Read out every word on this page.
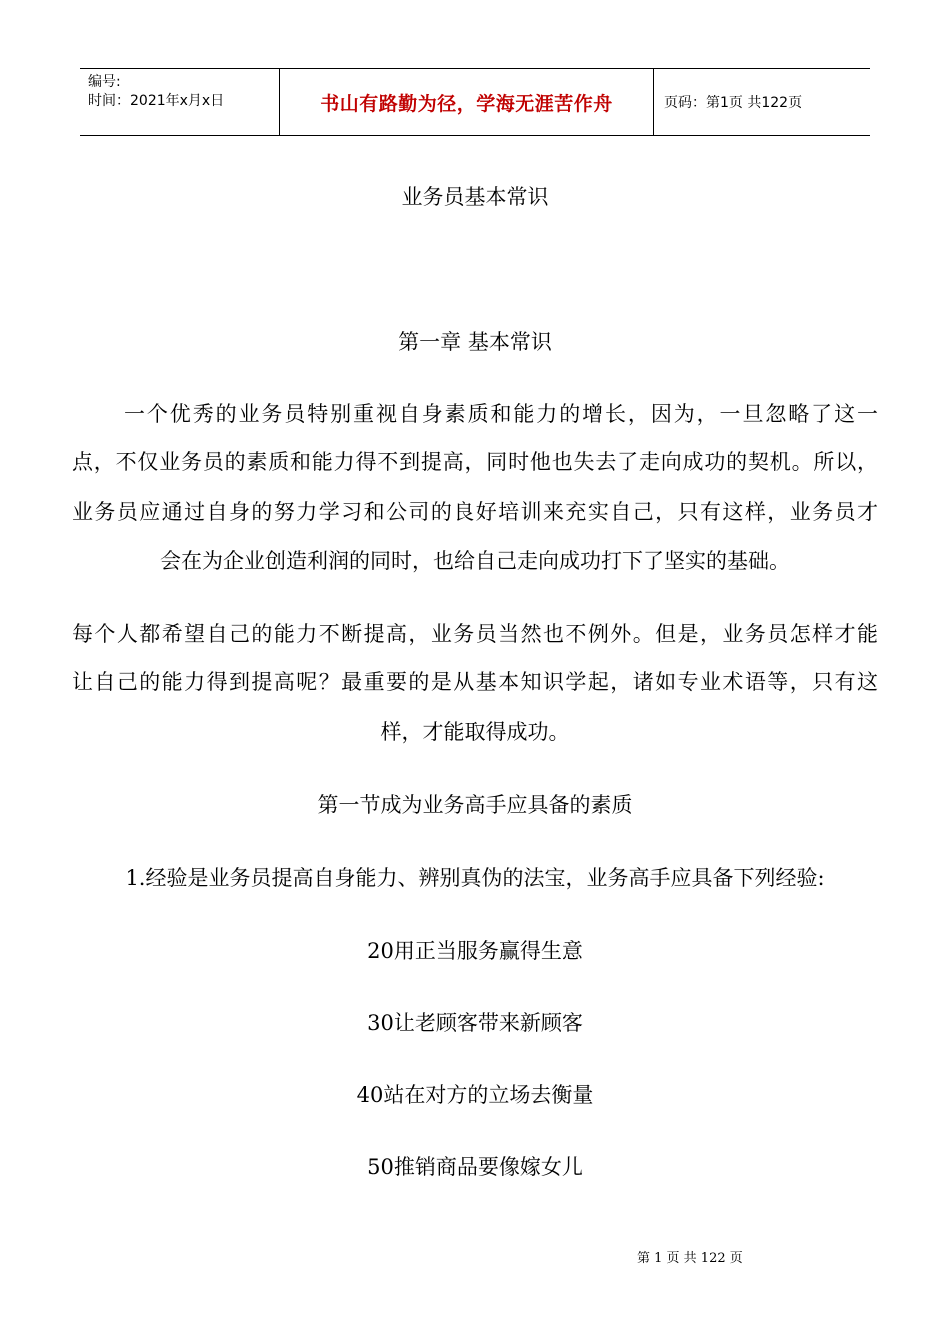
编号:
时间：2021年x月x日	书山有路勤为径，学海无涯苦作舟	页码：第1页 共122页
业务员基本常识
第一章 基本常识
一个优秀的业务员特别重视自身素质和能力的增长，因为，一旦忽略了这一
点，不仅业务员的素质和能力得不到提高，同时他也失去了走向成功的契机。所以，
业务员应通过自身的努力学习和公司的良好培训来充实自己，只有这样，业务员才
会在为企业创造利润的同时，也给自己走向成功打下了坚实的基础。
每个人都希望自己的能力不断提高，业务员当然也不例外。但是，业务员怎样才能
让自己的能力得到提高呢？最重要的是从基本知识学起，诸如专业术语等，只有这
样，才能取得成功。
第一节成为业务高手应具备的素质
1.经验是业务员提高自身能力、辨别真伪的法宝，业务高手应具备下列经验:
20用正当服务赢得生意
30让老顾客带来新顾客
40站在对方的立场去衡量
50推销商品要像嫁女儿
第 1 页 共 122 页
